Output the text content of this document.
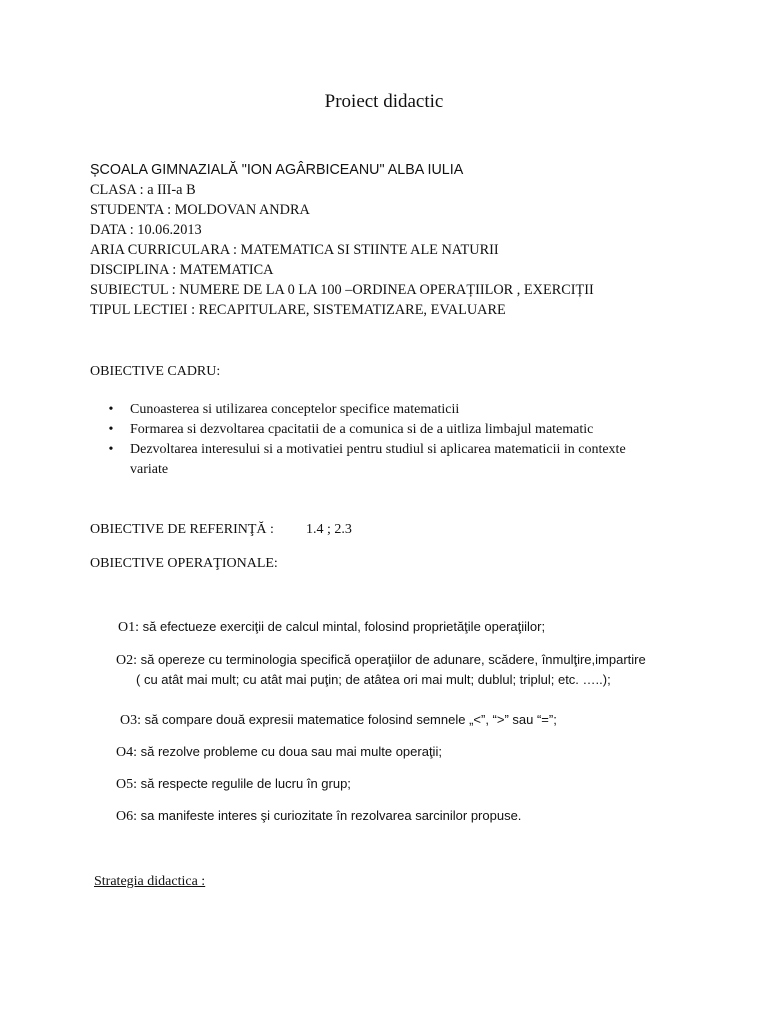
Proiect didactic
ȘCOALA GIMNAZIALĂ "ION AGÂRBICEANU" ALBA IULIA
CLASA : a III-a B
STUDENTA : MOLDOVAN ANDRA
DATA : 10.06.2013
ARIA CURRICULARA : MATEMATICA SI STIINTE ALE NATURII
DISCIPLINA : MATEMATICA
SUBIECTUL : NUMERE DE LA 0 LA 100 –ORDINEA OPERAȚIILOR , EXERCIȚII
TIPUL LECTIEI : RECAPITULARE, SISTEMATIZARE, EVALUARE
OBIECTIVE CADRU:
•	Cunoasterea si utilizarea conceptelor specifice matematicii
•	Formarea si dezvoltarea cpacitatii de a comunica si de a uitliza limbajul matematic
•	Dezvoltarea interesului si a motivatiei pentru studiul si aplicarea matematicii in contexte variate
OBIECTIVE DE REFERINŢĂ : 1.4 ; 2.3
OBIECTIVE OPERAŢIONALE:
O1: să efectueze exerciţii de calcul mintal, folosind proprietăţile operaţiilor;
O2: să opereze cu terminologia specifică operaţiilor de adunare, scădere, înmulţire,impartire
( cu atât mai mult; cu atât mai puţin; de atâtea ori mai mult; dublul; triplul; etc. …..);
O3: să compare două expresii matematice folosind semnele „<”, “>” sau “=”;
O4: să rezolve probleme cu doua sau mai multe operaţii;
O5: să respecte regulile de lucru în grup;
O6: sa manifeste interes şi curiozitate în rezolvarea sarcinilor propuse.
Strategia didactica :
